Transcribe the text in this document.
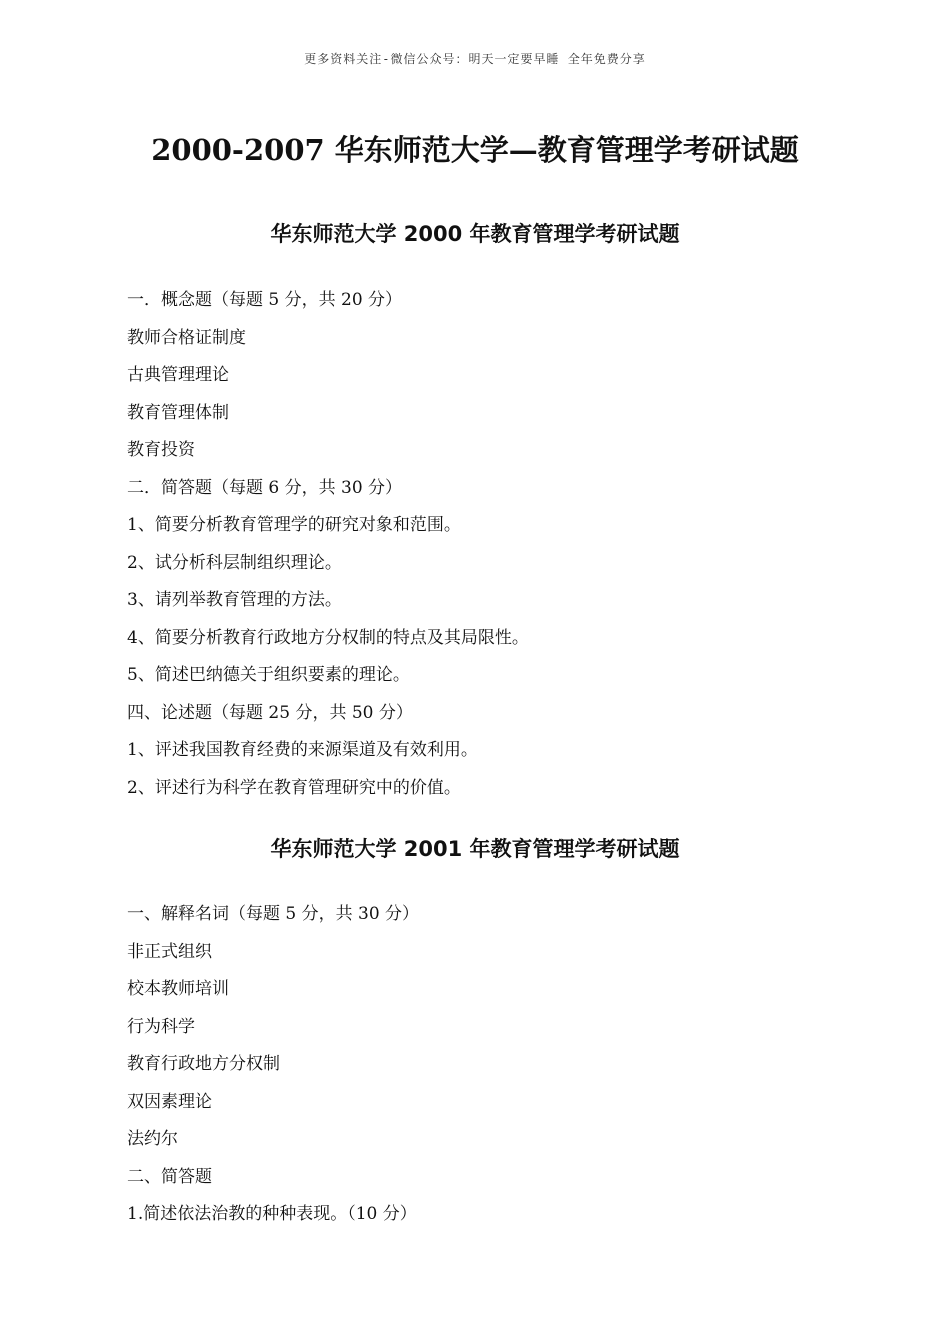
更多资料关注-微信公众号：明天一定要早睡 全年免费分享
2000-2007 华东师范大学—教育管理学考研试题
华东师范大学 2000 年教育管理学考研试题
一．概念题（每题 5 分，共 20 分）
教师合格证制度
古典管理理论
教育管理体制
教育投资
二．简答题（每题 6 分，共 30 分）
1、简要分析教育管理学的研究对象和范围。
2、试分析科层制组织理论。
3、请列举教育管理的方法。
4、简要分析教育行政地方分权制的特点及其局限性。
5、简述巴纳德关于组织要素的理论。
四、论述题（每题 25 分，共 50 分）
1、评述我国教育经费的来源渠道及有效利用。
2、评述行为科学在教育管理研究中的价值。
华东师范大学 2001 年教育管理学考研试题
一、解释名词（每题 5 分，共 30 分）
非正式组织
校本教师培训
行为科学
教育行政地方分权制
双因素理论
法约尔
二、简答题
1.简述依法治教的种种表现。（10 分）
